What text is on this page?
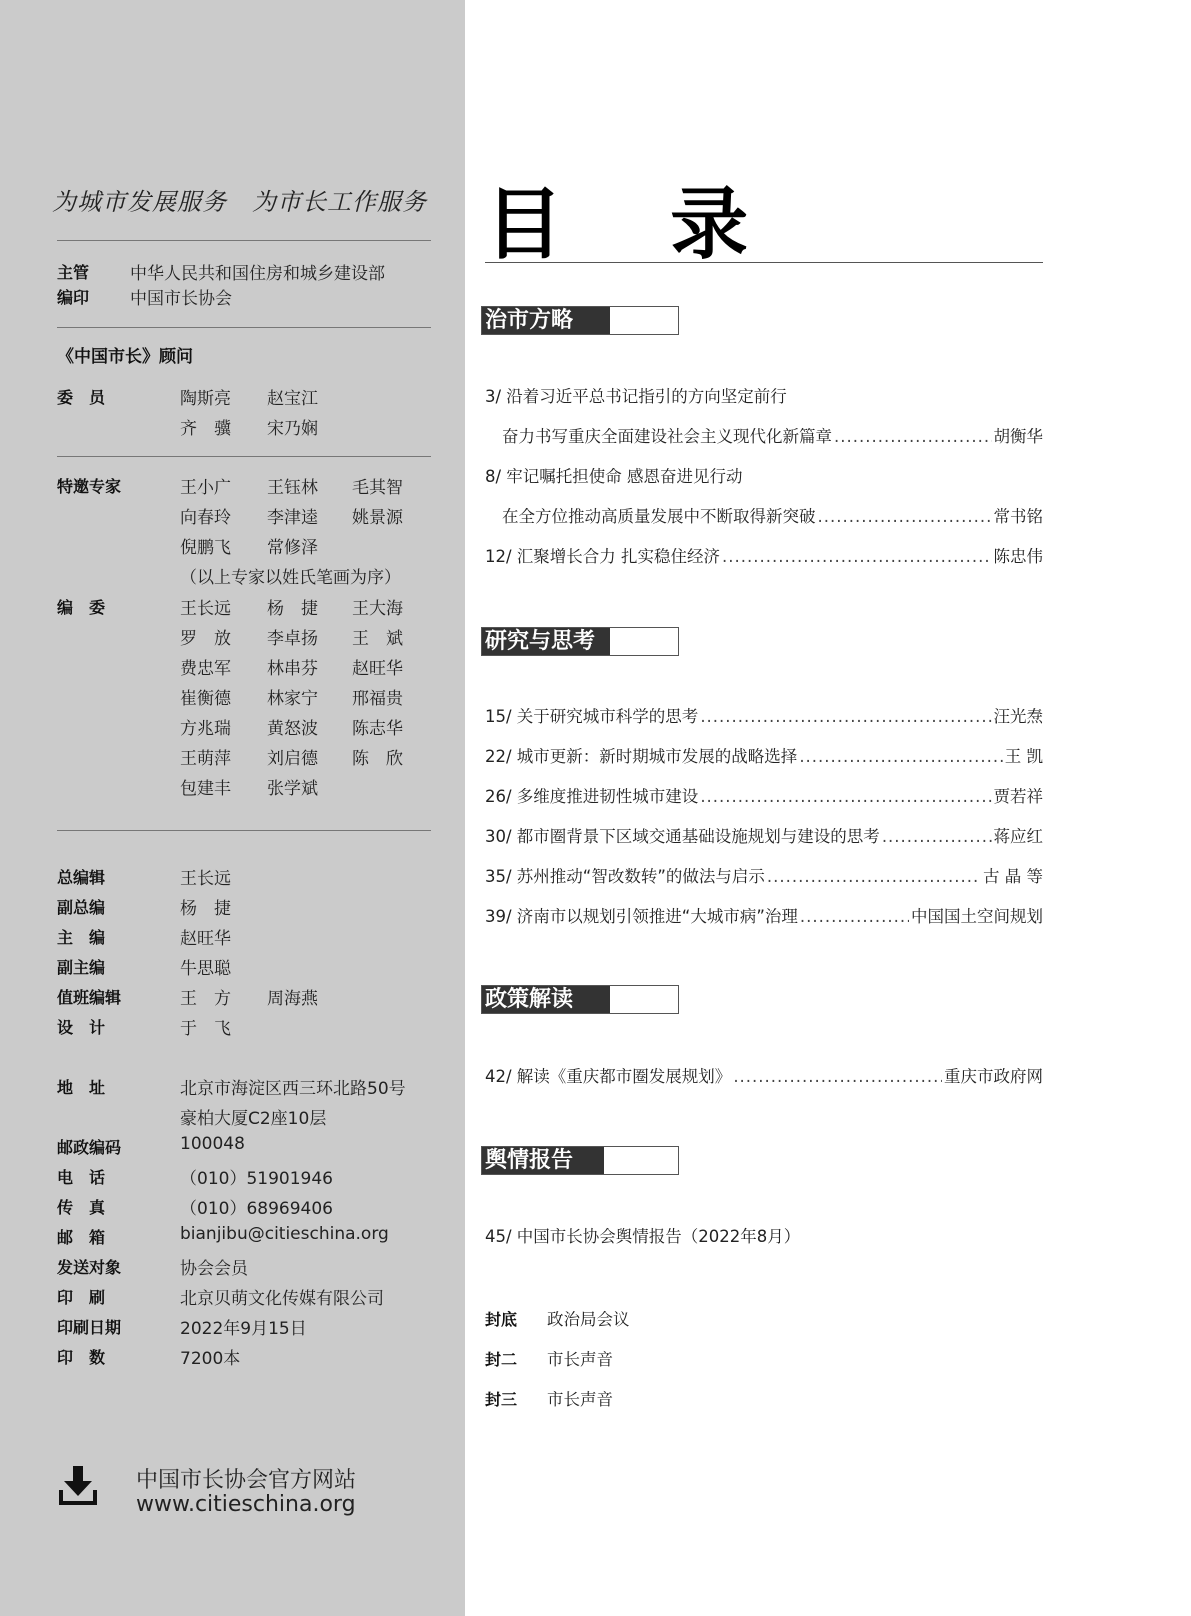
为城市发展服务　为市长工作服务
主管 中华人民共和国住房和城乡建设部
编印 中国市长协会
《中国市长》顾问
委　员	陶斯亮 赵宝江
齐　骥 宋乃娴
特邀专家	王小广 王钰林 毛其智
向春玲 李津逵 姚景源
倪鹏飞 常修泽
（以上专家以姓氏笔画为序）
编　委	王长远 杨　捷 王大海
罗　放 李卓扬 王　斌
费忠军 林串芬 赵旺华
崔衡德 林家宁 邢福贵
方兆瑞 黄怒波 陈志华
王萌萍 刘启德 陈　欣
包建丰 张学斌
总编辑	王长远
副总编	杨　捷
主　编	赵旺华
副主编	牛思聪
值班编辑	王　方 周海燕
设　计	于　飞
地　址	北京市海淀区西三环北路50号
豪柏大厦C2座10层
邮政编码	100048
电　话	（010）51901946
传　真	（010）68969406
邮　箱	bianjibu@citieschina.org
发送对象	协会会员
印　刷	北京贝萌文化传媒有限公司
印刷日期	2022年9月15日
印　数	7200本
中国市长协会官方网站
www.citieschina.org
目 录
治市方略
3/ 沿着习近平总书记指引的方向坚定前行
奋力书写重庆全面建设社会主义现代化新篇章 .....	胡衡华
8/ 牢记嘱托担使命 感恩奋进见行动
在全方位推动高质量发展中不断取得新突破 .....	常书铭
12/ 汇聚增长合力 扎实稳住经济 .....	陈忠伟
研究与思考
15/ 关于研究城市科学的思考 .....	汪光焘
22/ 城市更新：新时期城市发展的战略选择 .....	王 凯
26/ 多维度推进韧性城市建设 .....	贾若祥
30/ 都市圈背景下区域交通基础设施规划与建设的思考 .....	蒋应红
35/ 苏州推动“智改数转”的做法与启示 .....	古 晶 等
39/ 济南市以规划引领推进“大城市病”治理 .....	中国国土空间规划
政策解读
42/ 解读《重庆都市圈发展规划》 .....	重庆市政府网
舆情报告
45/ 中国市长协会舆情报告（2022年8月）
封底 政治局会议
封二 市长声音
封三 市长声音
